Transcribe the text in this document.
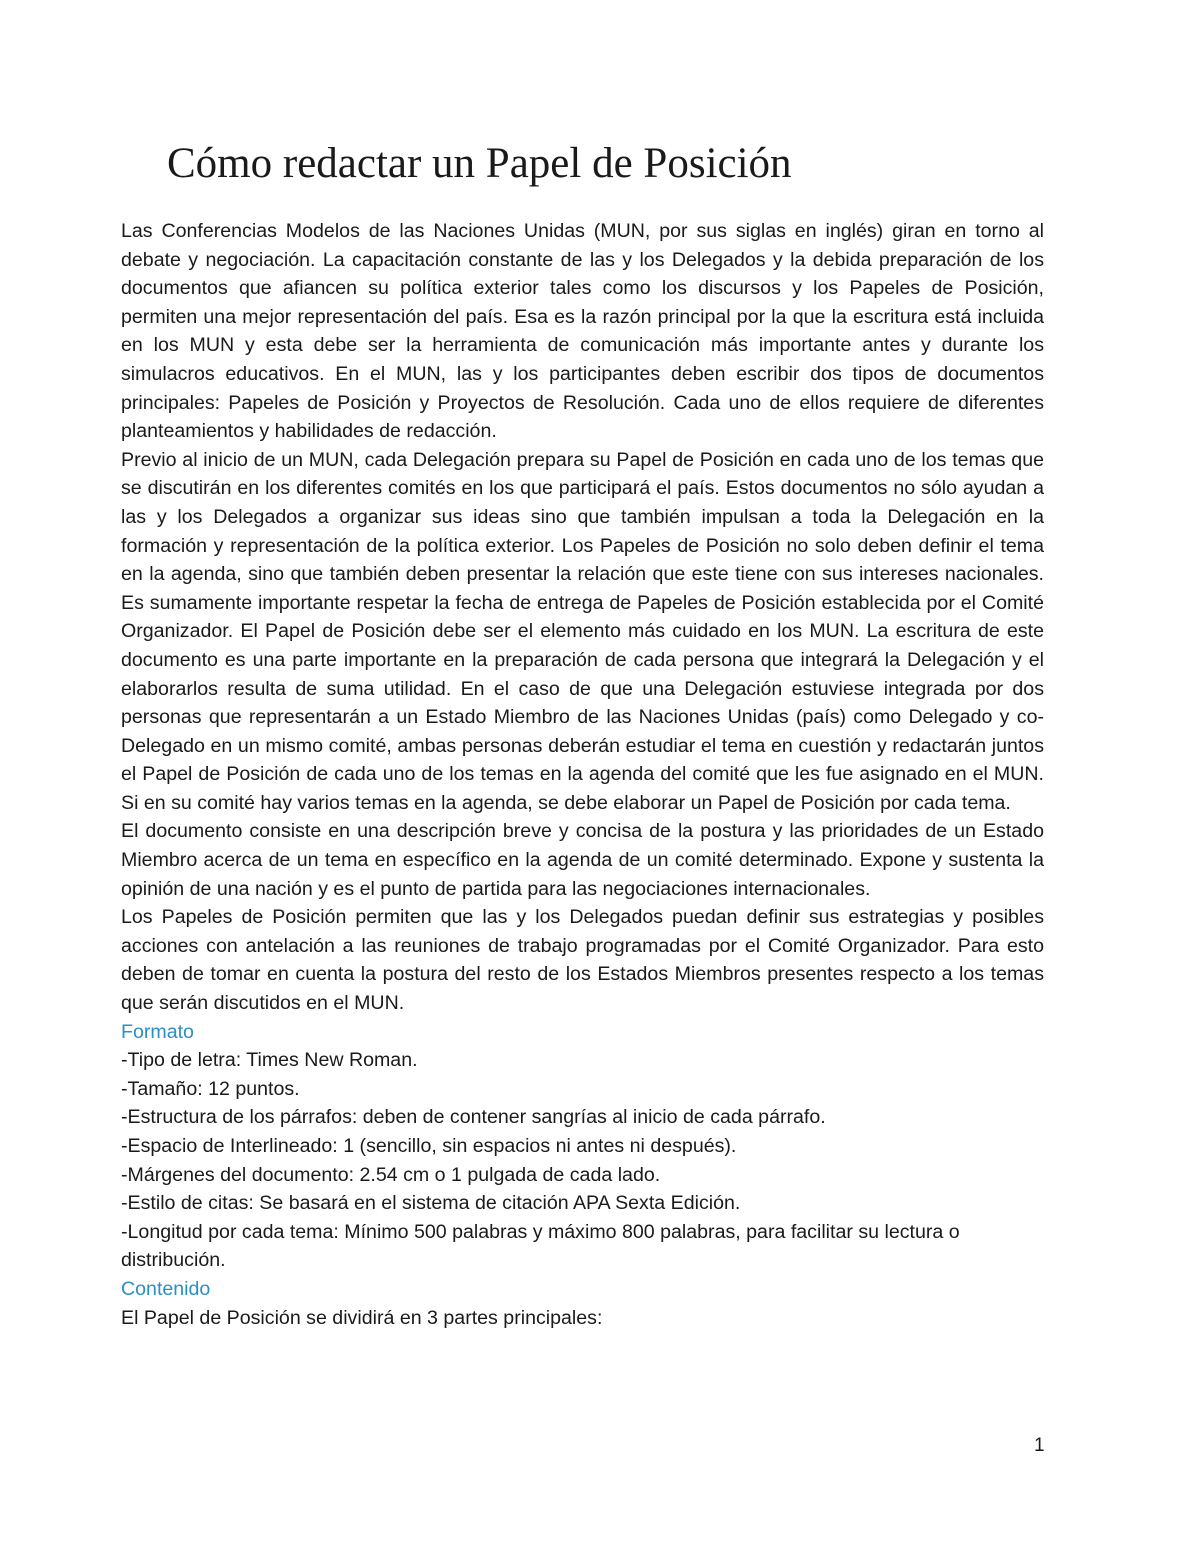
Cómo redactar un Papel de Posición

Las Conferencias Modelos de las Naciones Unidas (MUN, por sus siglas en inglés) giran en torno al debate y negociación. La capacitación constante de las y los Delegados y la debida preparación de los documentos que afiancen su política exterior tales como los discursos y los Papeles de Posición, permiten una mejor representación del país. Esa es la razón principal por la que la escritura está incluida en los MUN y esta debe ser la herramienta de comunicación más importante antes y durante los simulacros educativos. En el MUN, las y los participantes deben escribir dos tipos de documentos principales: Papeles de Posición y Proyectos de Resolución. Cada uno de ellos requiere de diferentes planteamientos y habilidades de redacción.

Previo al inicio de un MUN, cada Delegación prepara su Papel de Posición en cada uno de los temas que se discutirán en los diferentes comités en los que participará el país. Estos documentos no sólo ayudan a las y los Delegados a organizar sus ideas sino que también impulsan a toda la Delegación en la formación y representación de la política exterior. Los Papeles de Posición no solo deben definir el tema en la agenda, sino que también deben presentar la relación que este tiene con sus intereses nacionales. Es sumamente importante respetar la fecha de entrega de Papeles de Posición establecida por el Comité Organizador. El Papel de Posición debe ser el elemento más cuidado en los MUN. La escritura de este documento es una parte importante en la preparación de cada persona que integrará la Delegación y el elaborarlos resulta de suma utilidad. En el caso de que una Delegación estuviese integrada por dos personas que representarán a un Estado Miembro de las Naciones Unidas (país) como Delegado y co-Delegado en un mismo comité, ambas personas deberán estudiar el tema en cuestión y redactarán juntos el Papel de Posición de cada uno de los temas en la agenda del comité que les fue asignado en el MUN. Si en su comité hay varios temas en la agenda, se debe elaborar un Papel de Posición por cada tema.

El documento consiste en una descripción breve y concisa de la postura y las prioridades de un Estado Miembro acerca de un tema en específico en la agenda de un comité determinado. Expone y sustenta la opinión de una nación y es el punto de partida para las negociaciones internacionales.

Los Papeles de Posición permiten que las y los Delegados puedan definir sus estrategias y posibles acciones con antelación a las reuniones de trabajo programadas por el Comité Organizador. Para esto deben de tomar en cuenta la postura del resto de los Estados Miembros presentes respecto a los temas que serán discutidos en el MUN.

Formato

-Tipo de letra: Times New Roman.

-Tamaño: 12 puntos.

-Estructura de los párrafos: deben de contener sangrías al inicio de cada párrafo.

-Espacio de Interlineado: 1 (sencillo, sin espacios ni antes ni después).

-Márgenes del documento: 2.54 cm o 1 pulgada de cada lado.

-Estilo de citas: Se basará en el sistema de citación APA Sexta Edición.

-Longitud por cada tema: Mínimo 500 palabras y máximo 800 palabras, para facilitar su lectura o distribución.

Contenido

El Papel de Posición se dividirá en 3 partes principales:

1
